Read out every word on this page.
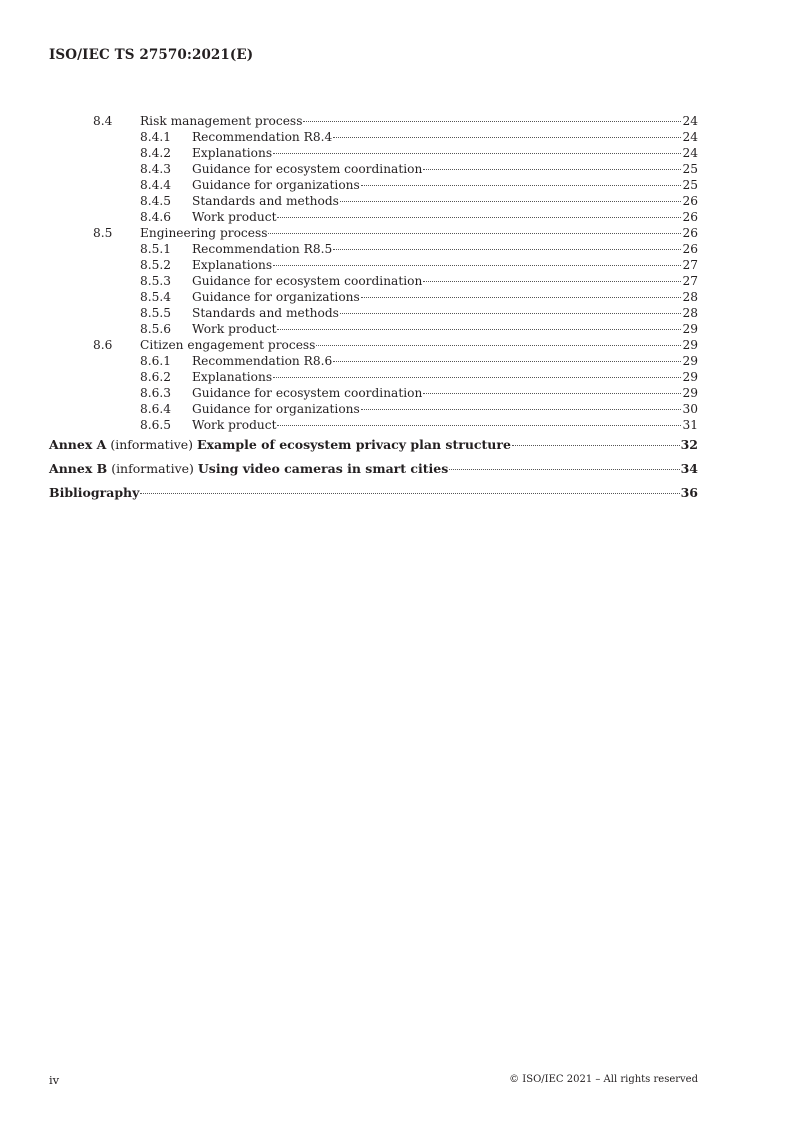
ISO/IEC TS 27570:2021(E)
8.4	Risk management process	24
8.4.1	Recommendation R8.4	24
8.4.2	Explanations	24
8.4.3	Guidance for ecosystem coordination	25
8.4.4	Guidance for organizations	25
8.4.5	Standards and methods	26
8.4.6	Work product	26
8.5	Engineering process	26
8.5.1	Recommendation R8.5	26
8.5.2	Explanations	27
8.5.3	Guidance for ecosystem coordination	27
8.5.4	Guidance for organizations	28
8.5.5	Standards and methods	28
8.5.6	Work product	29
8.6	Citizen engagement process	29
8.6.1	Recommendation R8.6	29
8.6.2	Explanations	29
8.6.3	Guidance for ecosystem coordination	29
8.6.4	Guidance for organizations	30
8.6.5	Work product	31
Annex A (informative) Example of ecosystem privacy plan structure	32
Annex B (informative) Using video cameras in smart cities	34
Bibliography	36
iv	© ISO/IEC 2021 – All rights reserved
